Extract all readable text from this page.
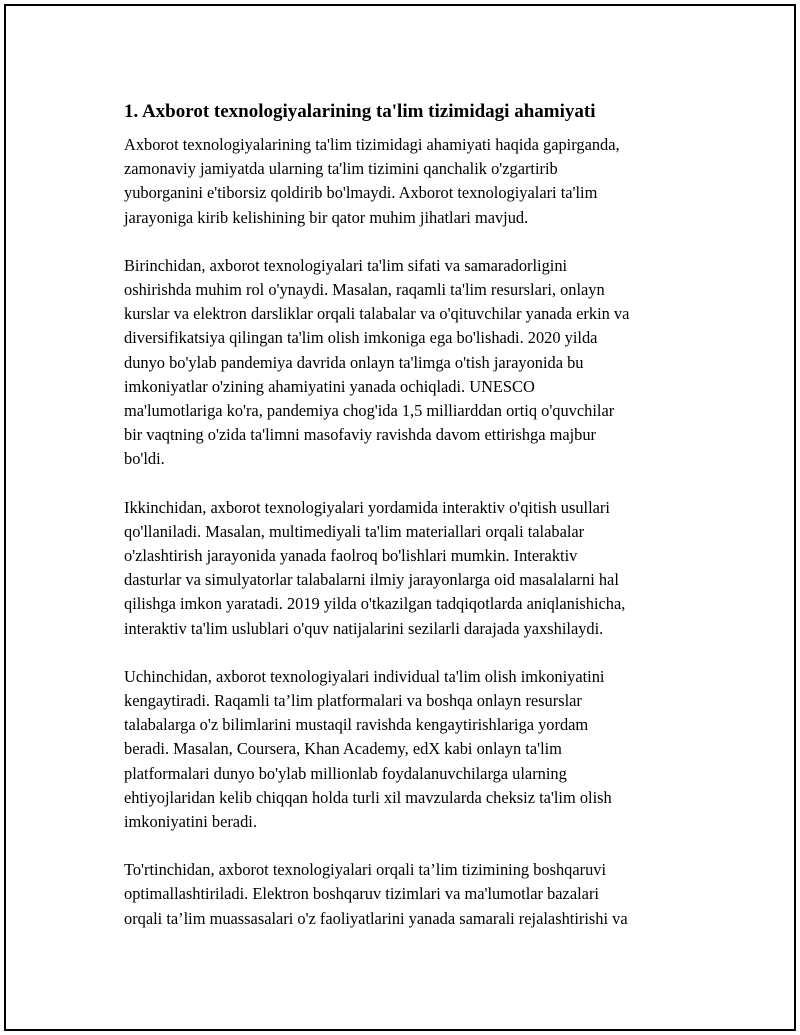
1. Axborot texnologiyalarining ta'lim tizimidagi ahamiyati

Axborot texnologiyalarining ta'lim tizimidagi ahamiyati haqida gapirganda,
zamonaviy jamiyatda ularning ta'lim tizimini qanchalik o'zgartirib
yuborganini e'tiborsiz qoldirib bo'lmaydi. Axborot texnologiyalari ta'lim
jarayoniga kirib kelishining bir qator muhim jihatlari mavjud.

Birinchidan, axborot texnologiyalari ta'lim sifati va samaradorligini
oshirishda muhim rol o'ynaydi. Masalan, raqamli ta'lim resurslari, onlayn
kurslar va elektron darsliklar orqali talabalar va o'qituvchilar yanada erkin va
diversifikatsiya qilingan ta'lim olish imkoniga ega bo'lishadi. 2020 yilda
dunyo bo'ylab pandemiya davrida onlayn ta'limga o'tish jarayonida bu
imkoniyatlar o'zining ahamiyatini yanada ochiqladi. UNESCO
ma'lumotlariga ko'ra, pandemiya chog'ida 1,5 milliarddan ortiq o'quvchilar
bir vaqtning o'zida ta'limni masofaviy ravishda davom ettirishga majbur
bo'ldi.

Ikkinchidan, axborot texnologiyalari yordamida interaktiv o'qitish usullari
qo'llaniladi. Masalan, multimediyali ta'lim materiallari orqali talabalar
o'zlashtirish jarayonida yanada faolroq bo'lishlari mumkin. Interaktiv
dasturlar va simulyatorlar talabalarni ilmiy jarayonlarga oid masalalarni hal
qilishga imkon yaratadi. 2019 yilda o'tkazilgan tadqiqotlarda aniqlanishicha,
interaktiv ta'lim uslublari o'quv natijalarini sezilarli darajada yaxshilaydi.

Uchinchidan, axborot texnologiyalari individual ta'lim olish imkoniyatini
kengaytiradi. Raqamli ta’lim platformalari va boshqa onlayn resurslar
talabalarga o'z bilimlarini mustaqil ravishda kengaytirishlariga yordam
beradi. Masalan, Coursera, Khan Academy, edX kabi onlayn ta'lim
platformalari dunyo bo'ylab millionlab foydalanuvchilarga ularning
ehtiyojlaridan kelib chiqqan holda turli xil mavzularda cheksiz ta'lim olish
imkoniyatini beradi.

To'rtinchidan, axborot texnologiyalari orqali ta’lim tizimining boshqaruvi
optimallashtiriladi. Elektron boshqaruv tizimlari va ma'lumotlar bazalari
orqali ta’lim muassasalari o'z faoliyatlarini yanada samarali rejalashtirishi va
